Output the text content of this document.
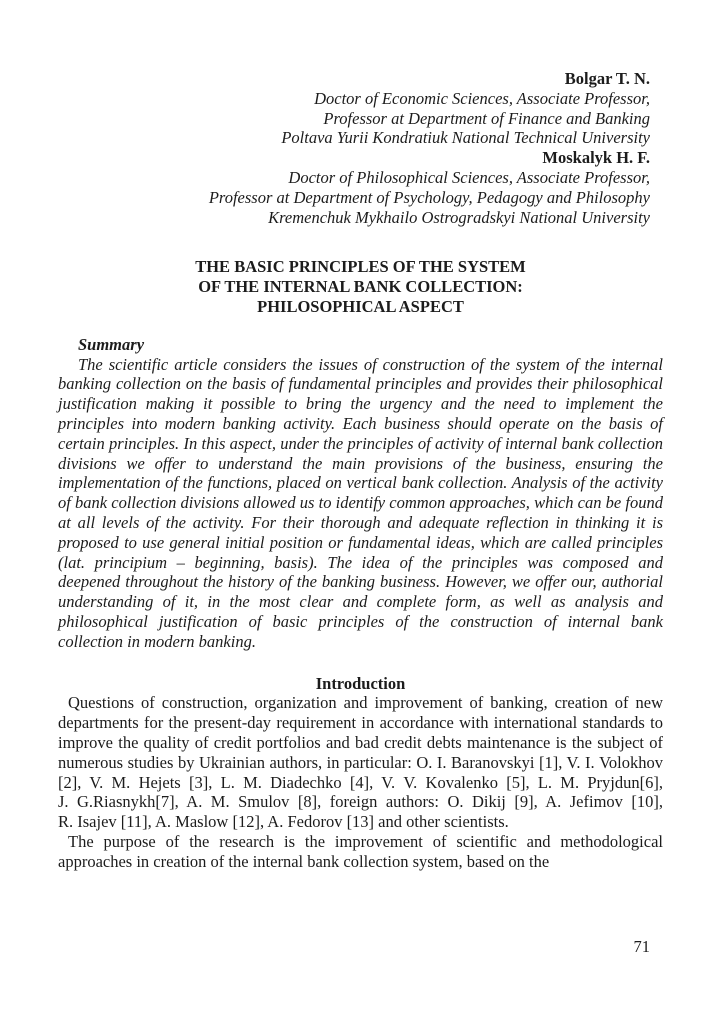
Bolgar T. N.
Doctor of Economic Sciences, Associate Professor,
Professor at Department of Finance and Banking
Poltava Yurii Kondratiuk National Technical University
Moskalyk H. F.
Doctor of Philosophical Sciences, Associate Professor,
Professor at Department of Psychology, Pedagogy and Philosophy
Kremenchuk Mykhailo Ostrogradskyi National University
THE BASIC PRINCIPLES OF THE SYSTEM
OF THE INTERNAL BANK COLLECTION:
PHILOSOPHICAL ASPECT
Summary

The scientific article considers the issues of construction of the system of the internal banking collection on the basis of fundamental principles and provides their philosophical justification making it possible to bring the urgency and the need to implement the principles into modern banking activity. Each business should operate on the basis of certain principles. In this aspect, under the principles of activity of internal bank collection divisions we offer to understand the main provisions of the business, ensuring the implementation of the functions, placed on vertical bank collection. Analysis of the activity of bank collection divisions allowed us to identify common approaches, which can be found at all levels of the activity. For their thorough and adequate reflection in thinking it is proposed to use general initial position or fundamental ideas, which are called principles (lat. principium – beginning, basis). The idea of the principles was composed and deepened throughout the history of the banking business. However, we offer our, authorial understanding of it, in the most clear and complete form, as well as analysis and philosophical justification of basic principles of the construction of internal bank collection in modern banking.

Introduction

Questions of construction, organization and improvement of banking, creation of new departments for the present-day requirement in accordance with international standards to improve the quality of credit portfolios and bad credit debts maintenance is the subject of numerous studies by Ukrainian authors, in particular: O. I. Baranovskyi [1], V. I. Volokhov [2], V. M. Hejets [3], L. M. Diadechko [4], V. V. Kovalenko [5], L. M. Pryjdun[6], J. G.Riasnykh[7], A. M. Smulov [8], foreign authors: O. Dikij [9], A. Jefimov [10], R. Isajev [11], A. Maslow [12], A. Fedorov [13] and other scientists.

The purpose of the research is the improvement of scientific and methodological approaches in creation of the internal bank collection system, based on the

71
